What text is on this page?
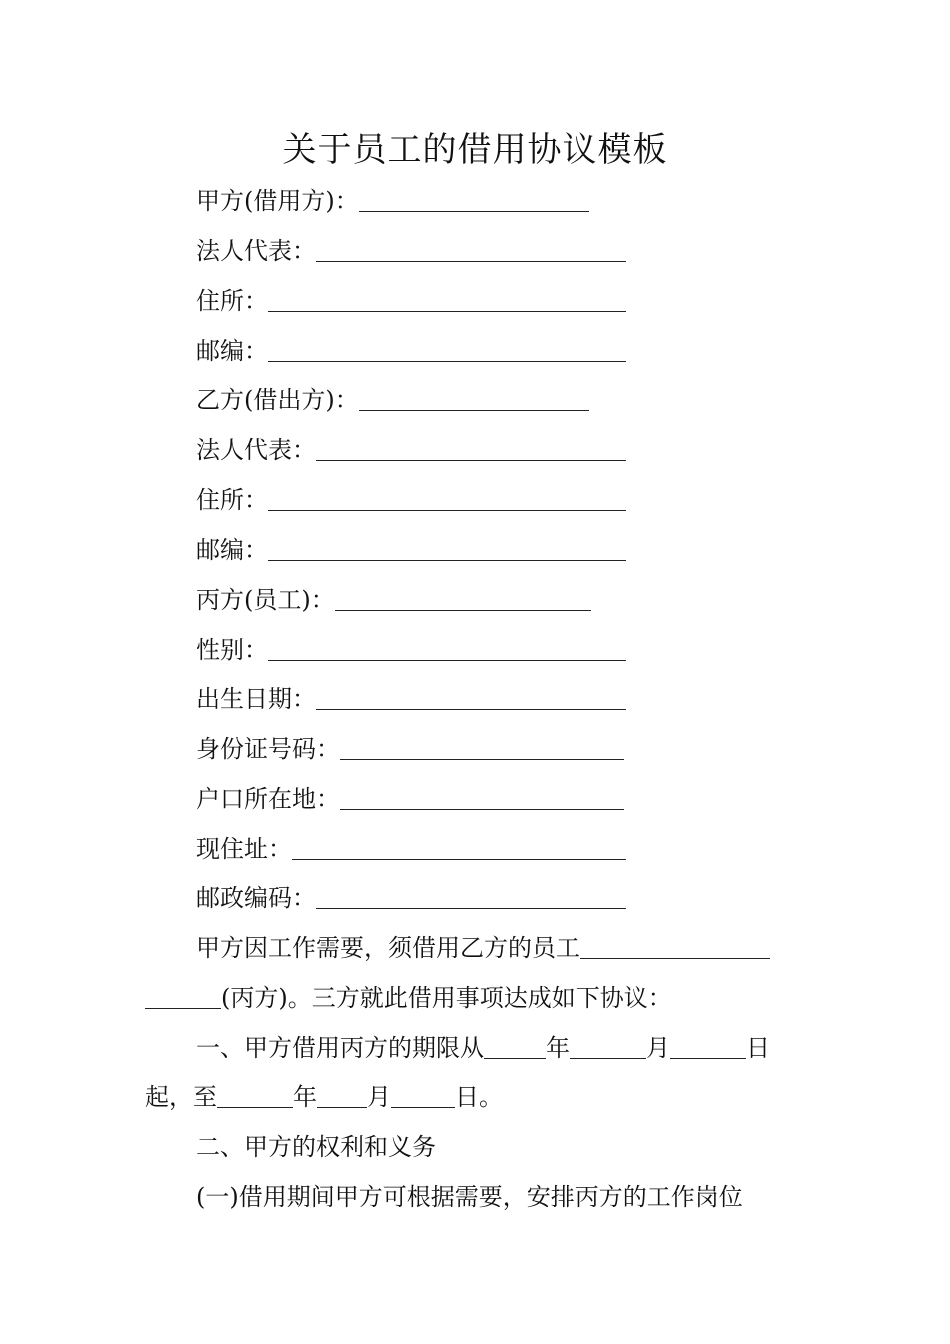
关于员工的借用协议模板
甲方(借用方)：
法人代表：
住所：
邮编：
乙方(借出方)：
法人代表：
住所：
邮编：
丙方(员工)：
性别：
出生日期：
身份证号码：
户口所在地：
现住址：
邮政编码：
甲方因工作需要，须借用乙方的员工
(丙方)。三方就此借用事项达成如下协议：
一、甲方借用丙方的期限从	年	月	日
起，至	年 月	日。
二、甲方的权利和义务
(一)借用期间甲方可根据需要，安排丙方的工作岗位
